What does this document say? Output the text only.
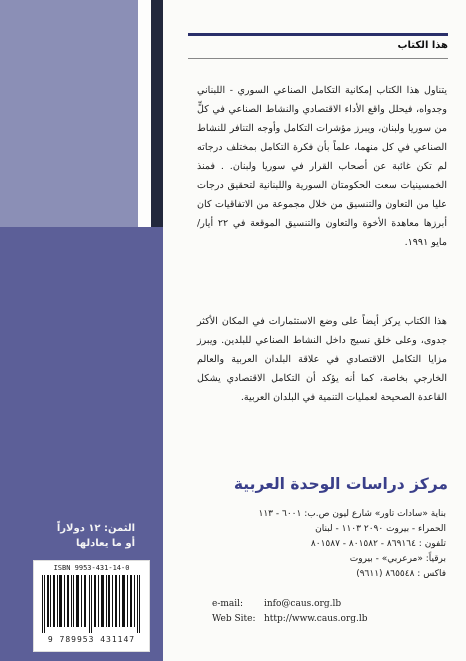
الثمن: ١٢ دولاراً
أو ما يعادلها
ISBN 9953-431-14-0
9 789953 431147
هذا الكتاب
يتناول هذا الكتاب إمكانية التكامل الصناعي السوري - اللبناني وجدواه، فيحلل واقع الأداء الاقتصادي والنشاط الصناعي في كلٍّ من سوريا ولبنان، ويبرز مؤشرات التكامل وأوجه التنافر للنشاط الصناعي في كل منهما، علماً بأن فكرة التكامل بمختلف درجاته لم تكن غائبة عن أصحاب القرار في سوريا ولبنان. . فمنذ الخمسينيات سعت الحكومتان السورية واللبنانية لتحقيق درجات عليا من التعاون والتنسيق من خلال مجموعة من الاتفاقيات كان أبرزها معاهدة الأخوة والتعاون والتنسيق الموقعة في ٢٢ أيار/مايو ١٩٩١.
هذا الكتاب يركز أيضاً على وضع الاستثمارات في المكان الأكثر جدوى، وعلى خلق نسيج داخل النشاط الصناعي للبلدين. ويبرز مزايا التكامل الاقتصادي في علاقة البلدان العربية والعالم الخارجي بخاصة، كما أنه يؤكد أن التكامل الاقتصادي يشكل القاعدة الصحيحة لعمليات التنمية في البلدان العربية.
مركز دراسات الوحدة العربية
بناية «سادات تاور» شارع ليون ص.ب: ٦٠٠١ - ١١٣
الحمراء - بيروت ٢٠٩٠ ١١٠٣ - لبنان
تلفون : ٨٦٩١٦٤ - ٨٠١٥٨٢ - ٨٠١٥٨٧
برقياً: «مرعربي» - بيروت
فاكس : ٨٦٥٥٤٨ (٩٦١١)
e-mail: info@caus.org.lb
Web Site: http://www.caus.org.lb
